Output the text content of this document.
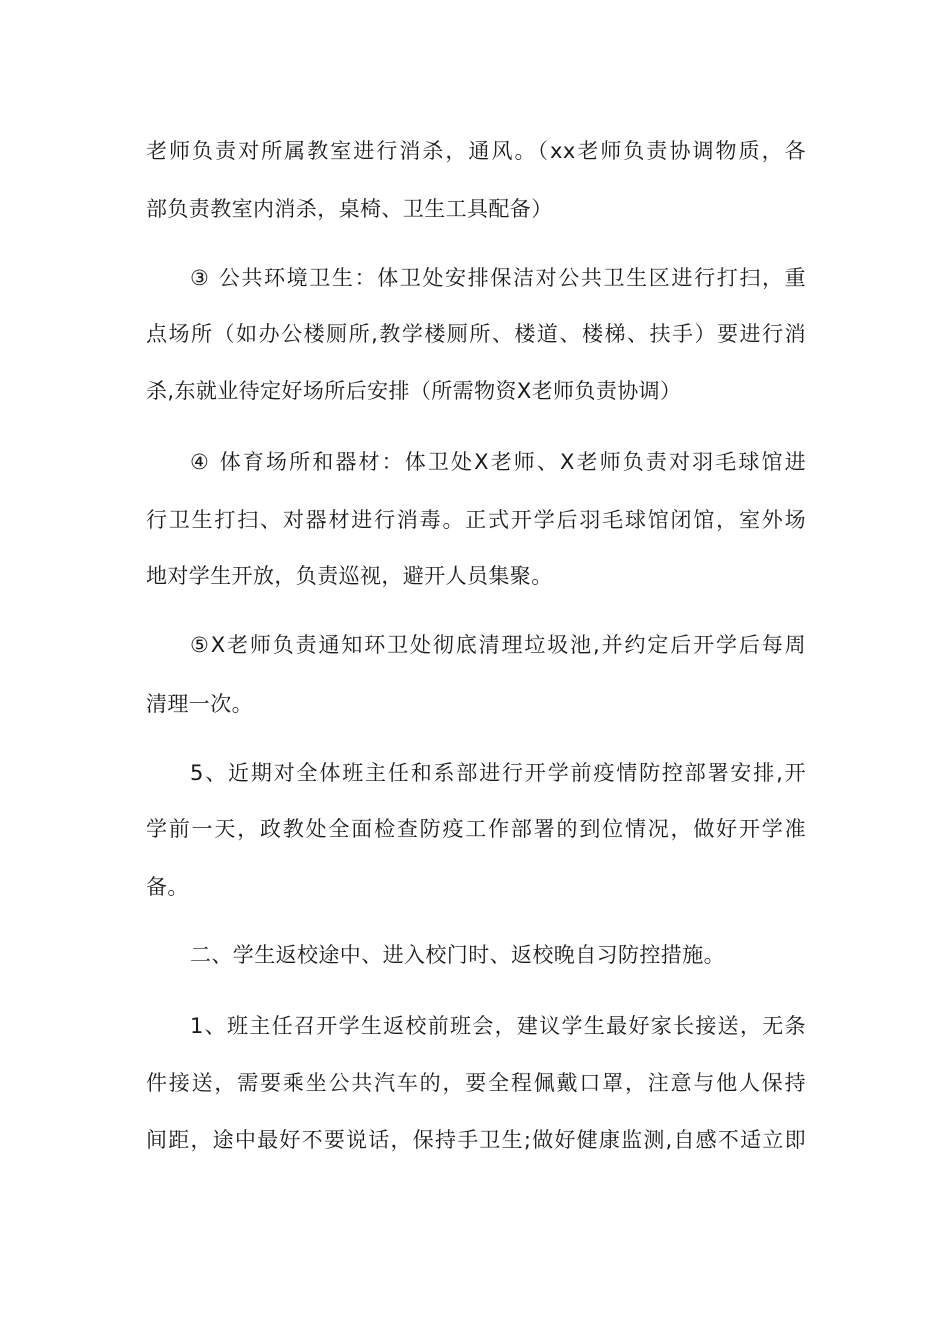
老师负责对所属教室进行消杀，通风。（xx老师负责协调物质，各
部负责教室内消杀，桌椅、卫生工具配备）
③ 公共环境卫生：体卫处安排保洁对公共卫生区进行打扫，重
点场所（如办公楼厕所,教学楼厕所、楼道、楼梯、扶手）要进行消
杀,东就业待定好场所后安排（所需物资X老师负责协调）
④ 体育场所和器材：体卫处X老师、X老师负责对羽毛球馆进
行卫生打扫、对器材进行消毒。正式开学后羽毛球馆闭馆，室外场
地对学生开放，负责巡视，避开人员集聚。
⑤X老师负责通知环卫处彻底清理垃圾池,并约定后开学后每周
清理一次。
5、近期对全体班主任和系部进行开学前疫情防控部署安排,开
学前一天，政教处全面检查防疫工作部署的到位情况，做好开学准
备。
二、学生返校途中、进入校门时、返校晚自习防控措施。
1、班主任召开学生返校前班会，建议学生最好家长接送，无条
件接送，需要乘坐公共汽车的，要全程佩戴口罩，注意与他人保持
间距，途中最好不要说话，保持手卫生;做好健康监测,自感不适立即
